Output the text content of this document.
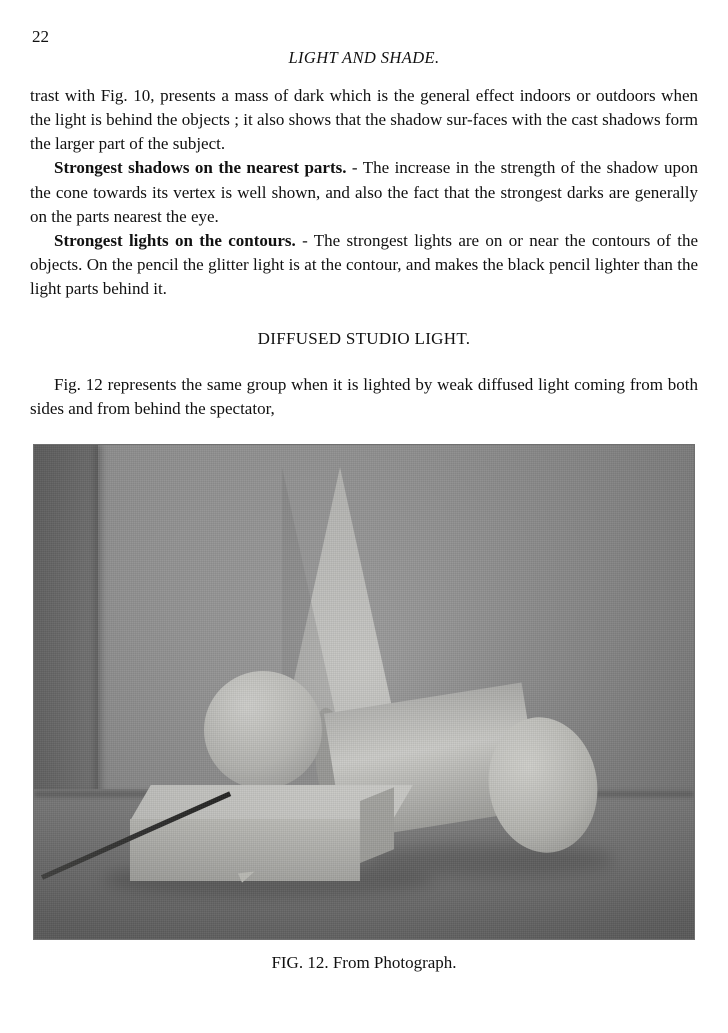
22
LIGHT AND SHADE.

trast with Fig. 10, presents a mass of dark which is the general effect indoors or outdoors when the light is behind the objects ; it also shows that the shadow sur-faces with the cast shadows form the larger part of the subject.

Strongest shadows on the nearest parts. - The increase in the strength of the shadow upon the cone towards its vertex is well shown, and also the fact that the strongest darks are generally on the parts nearest the eye.

Strongest lights on the contours. - The strongest lights are on or near the contours of the objects. On the pencil the glitter light is at the contour, and makes the black pencil lighter than the light parts behind it.

DIFFUSED STUDIO LIGHT.

Fig. 12 represents the same group when it is lighted by weak diffused light coming from both sides and from behind the spectator,

FIG. 12. From Photograph.
